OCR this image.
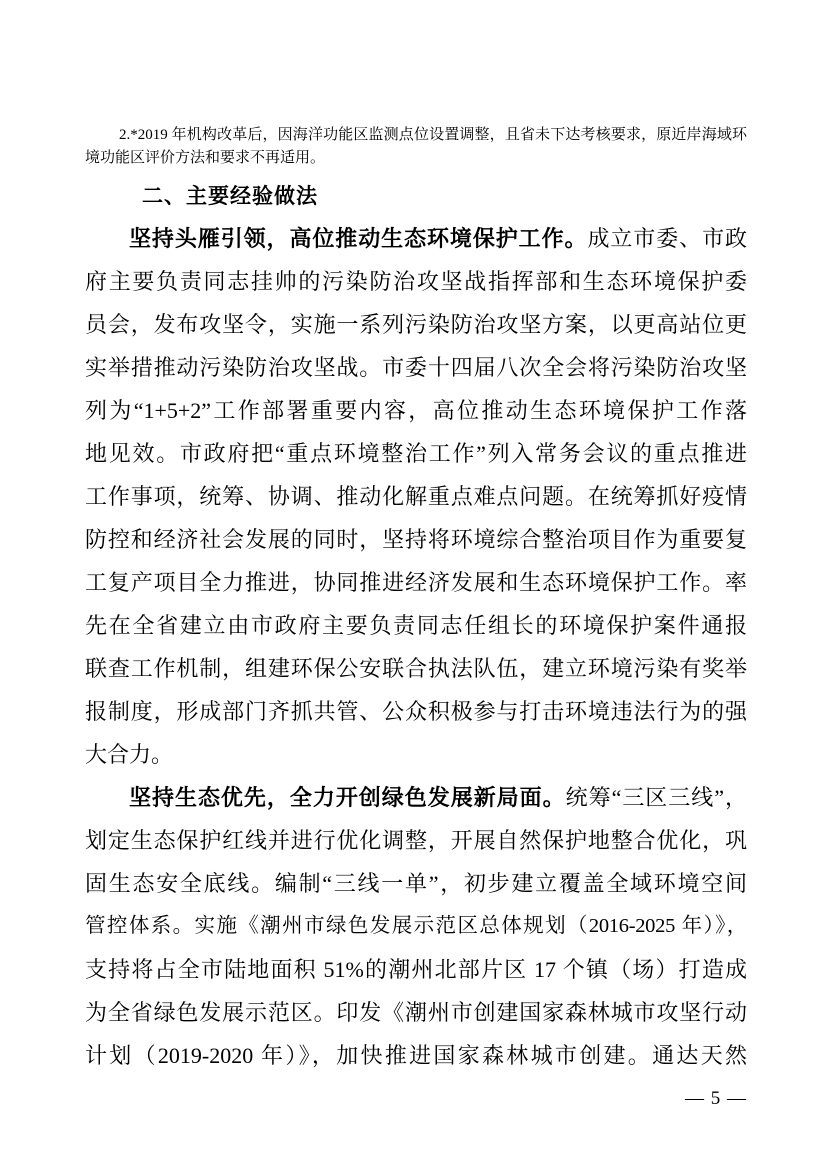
2.*2019 年机构改革后，因海洋功能区监测点位设置调整，且省未下达考核要求，原近岸海域环
境功能区评价方法和要求不再适用。
二、主要经验做法
坚持头雁引领，高位推动生态环境保护工作。成立市委、市政
府主要负责同志挂帅的污染防治攻坚战指挥部和生态环境保护委
员会，发布攻坚令，实施一系列污染防治攻坚方案，以更高站位更
实举措推动污染防治攻坚战。市委十四届八次全会将污染防治攻坚
列为“1+5+2”工作部署重要内容，高位推动生态环境保护工作落
地见效。市政府把“重点环境整治工作”列入常务会议的重点推进
工作事项，统筹、协调、推动化解重点难点问题。在统筹抓好疫情
防控和经济社会发展的同时，坚持将环境综合整治项目作为重要复
工复产项目全力推进，协同推进经济发展和生态环境保护工作。率
先在全省建立由市政府主要负责同志任组长的环境保护案件通报
联查工作机制，组建环保公安联合执法队伍，建立环境污染有奖举
报制度，形成部门齐抓共管、公众积极参与打击环境违法行为的强
大合力。
坚持生态优先，全力开创绿色发展新局面。统筹“三区三线”，
划定生态保护红线并进行优化调整，开展自然保护地整合优化，巩
固生态安全底线。编制“三线一单”，初步建立覆盖全域环境空间
管控体系。实施《潮州市绿色发展示范区总体规划（2016-2025 年）》，
支持将占全市陆地面积 51%的潮州北部片区 17 个镇（场）打造成
为全省绿色发展示范区。印发《潮州市创建国家森林城市攻坚行动
计划（2019-2020 年）》，加快推进国家森林城市创建。通达天然
— 5 —
